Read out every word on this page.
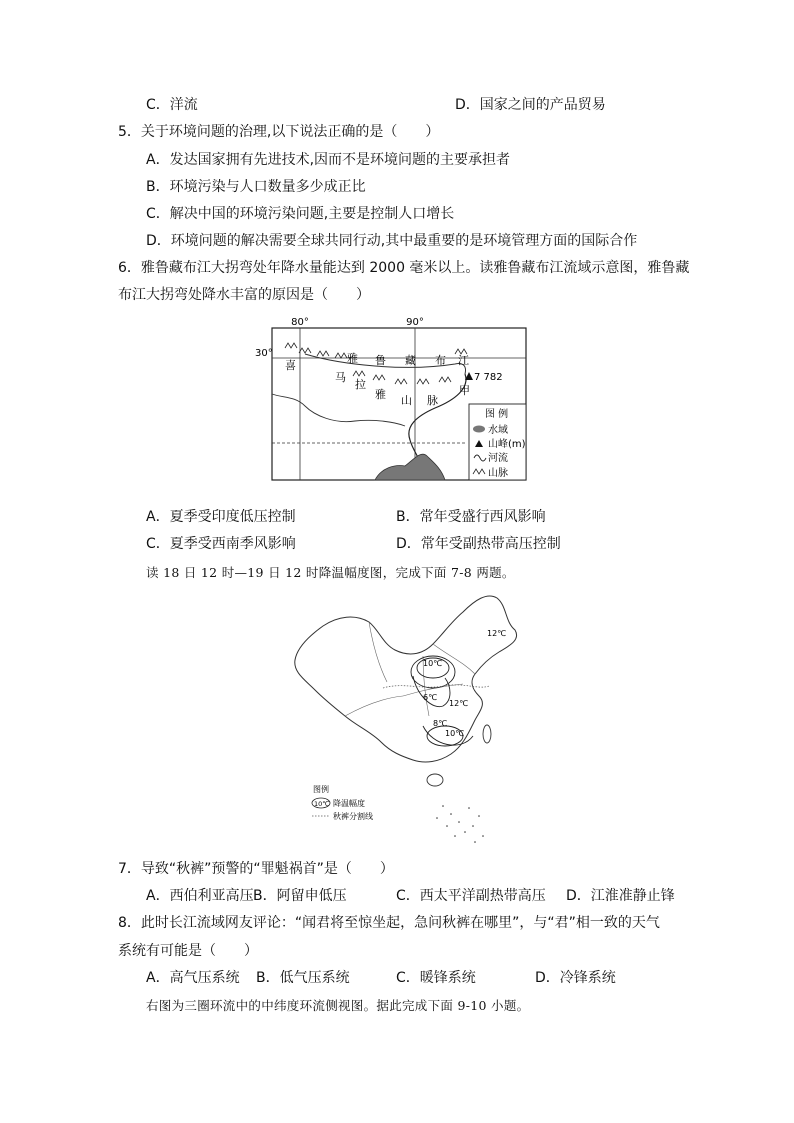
C．洋流	D．国家之间的产品贸易
5．关于环境问题的治理,以下说法正确的是（　　）
A．发达国家拥有先进技术,因而不是环境问题的主要承担者
B．环境污染与人口数量多少成正比
C．解决中国的环境污染问题,主要是控制人口增长
D．环境问题的解决需要全球共同行动,其中最重要的是环境管理方面的国际合作
6．雅鲁藏布江大拐弯处年降水量能达到 2000 毫米以上。读雅鲁藏布江流域示意图，雅鲁藏
布江大拐弯处降水丰富的原因是（　　）
80°	90°
30°
喜
雅 鲁 藏 布 江
马
拉
雅 山 脉
7 782
甲
图 例
水域
山峰(m)
河流
山脉
A．夏季受印度低压控制	B．常年受盛行西风影响
C．夏季受西南季风影响	D．常年受副热带高压控制
读 18 日 12 时—19 日 12 时降温幅度图，完成下面 7-8 两题。
12℃
10℃
6℃
12℃
8℃
10℃
图例
10℃ 降温幅度
秋裤分割线
7．导致“秋裤”预警的“罪魁祸首”是（　　）
A．西伯利亚高压 B．阿留申低压	C．西太平洋副热带高压 D．江淮准静止锋
8．此时长江流域网友评论：“闻君将至惊坐起，急问秋裤在哪里”，与“君”相一致的天气
系统有可能是（　　）
A．高气压系统 B．低气压系统	C．暖锋系统	D．冷锋系统
右图为三圈环流中的中纬度环流侧视图。据此完成下面 9-10 小题。
